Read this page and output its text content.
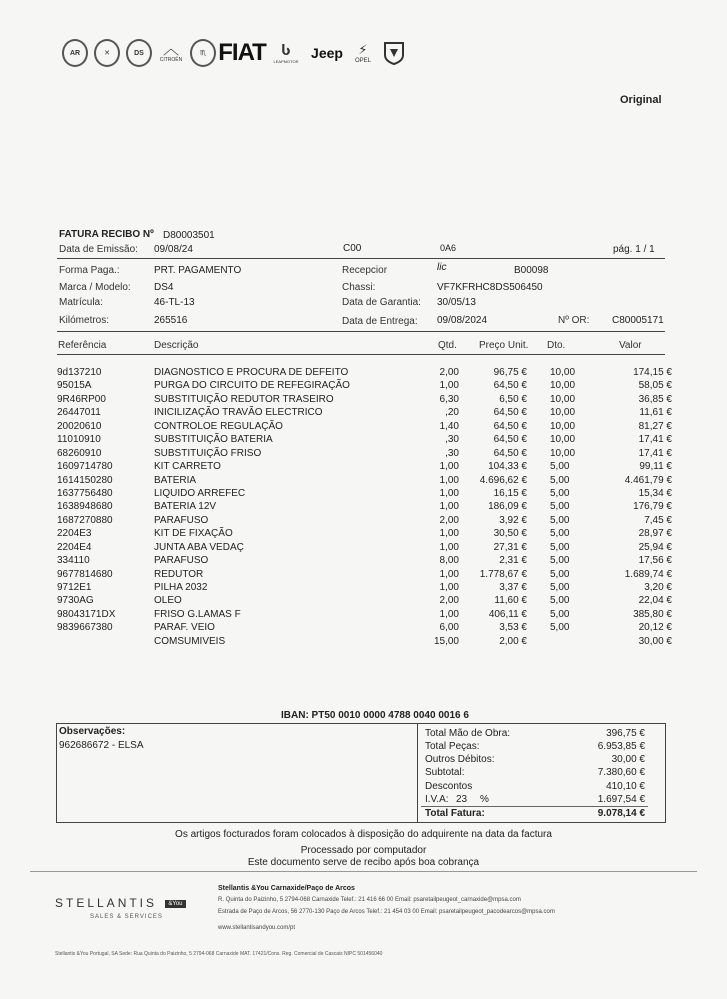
AR	✕	DS	︿
CITROËN
♏ FIAT Ⴑ
LEAPMOTOR
Jeep ⚡
OPEL
Original
FATURA RECIBO Nº D80003501
Data de Emissão: 09/08/24	C00	0A6	pág. 1 / 1
Forma Paga.:	PRT. PAGAMENTO	Recepcior	lic	B00098
Marca / Modelo: DS4	Chassi:	VF7KFRHC8DS506450
Matrícula:	46-TL-13	Data de Garantia: 30/05/13
Kilómetros:	265516	Data de Entrega: 09/08/2024	Nº OR: C80005171
Referência	Descrição	Qtd. Preço Unit. Dto.	Valor
9d137210	DIAGNOSTICO E PROCURA DE DEFEITO	2,00	96,75 € 10,00	174,15 €
95015A	PURGA DO CIRCUITO DE REFEGIRAÇÃO	1,00	64,50 € 10,00	58,05 €
9R46RP00	SUBSTITUIÇÃO REDUTOR TRASEIRO	6,30	6,50 € 10,00	36,85 €
26447011	INICILIZAÇÃO TRAVÃO ELECTRICO	,20	64,50 € 10,00	11,61 €
20020610	CONTROLOE REGULAÇÃO	1,40	64,50 € 10,00	81,27 €
11010910	SUBSTITUIÇÃO BATERIA	,30	64,50 € 10,00	17,41 €
68260910	SUBSTITUIÇÃO FRISO	,30	64,50 € 10,00	17,41 €
1609714780	KIT CARRETO	1,00	104,33 € 5,00	99,11 €
1614150280	BATERIA	1,00 4.696,62 € 5,00	4.461,79 €
1637756480	LIQUIDO ARREFEC	1,00	16,15 € 5,00	15,34 €
1638948680	BATERIA 12V	1,00	186,09 € 5,00	176,79 €
1687270880	PARAFUSO	2,00	3,92 € 5,00	7,45 €
2204E3	KIT DE FIXAÇÃO	1,00	30,50 € 5,00	28,97 €
2204E4	JUNTA ABA VEDAÇ	1,00	27,31 € 5,00	25,94 €
334110	PARAFUSO	8,00	2,31 € 5,00	17,56 €
9677814680	REDUTOR	1,00 1.778,67 € 5,00	1.689,74 €
9712E1	PILHA 2032	1,00	3,37 € 5,00	3,20 €
9730AG	OLEO	2,00	11,60 € 5,00	22,04 €
98043171DX	FRISO G.LAMAS F	1,00	406,11 € 5,00	385,80 €
9839667380	PARAF. VEIO	6,00	3,53 € 5,00	20,12 €
COMSUMIVEIS	15,00	2,00 €	30,00 €
IBAN: PT50 0010 0000 4788 0040 0016 6
Observações:
962686672 - ELSA
Total Mão de Obra:	396,75 €
Total Peças:	6.953,85 €
Outros Débitos:	30,00 €
Subtotal:	7.380,60 €
Descontos	410,10 €
I.V.A: 23 %	1.697,54 €
Total Fatura:	9.078,14 €
Os artigos focturados foram colocados à disposição do adquirente na data da factura
Processado por computador
Este documento serve de recibo após boa cobrança
STELLANTIS &You
SALES & SERVICES
Stellantis &You Carnaxide/Paço de Arcos
R. Quinta do Paizinho, 5 2794-068 Carnaxide Telef.: 21 416 66 00 Email: psaretailpeugeot_carnaxide@mpsa.com
Estrada de Paço de Arcos, 56 2770-130 Paço de Arcos Telef.: 21 454 03 00 Email: psaretailpeugeot_pacodearcos@mpsa.com
www.stellantisandyou.com/pt
Stellantis &You Portugal, SA Sede: Rua Quinta do Paizinho, 5 2794-068 Carnaxide MAT. 17421/Cons. Reg. Comercial de Cascais NIPC 501456040
